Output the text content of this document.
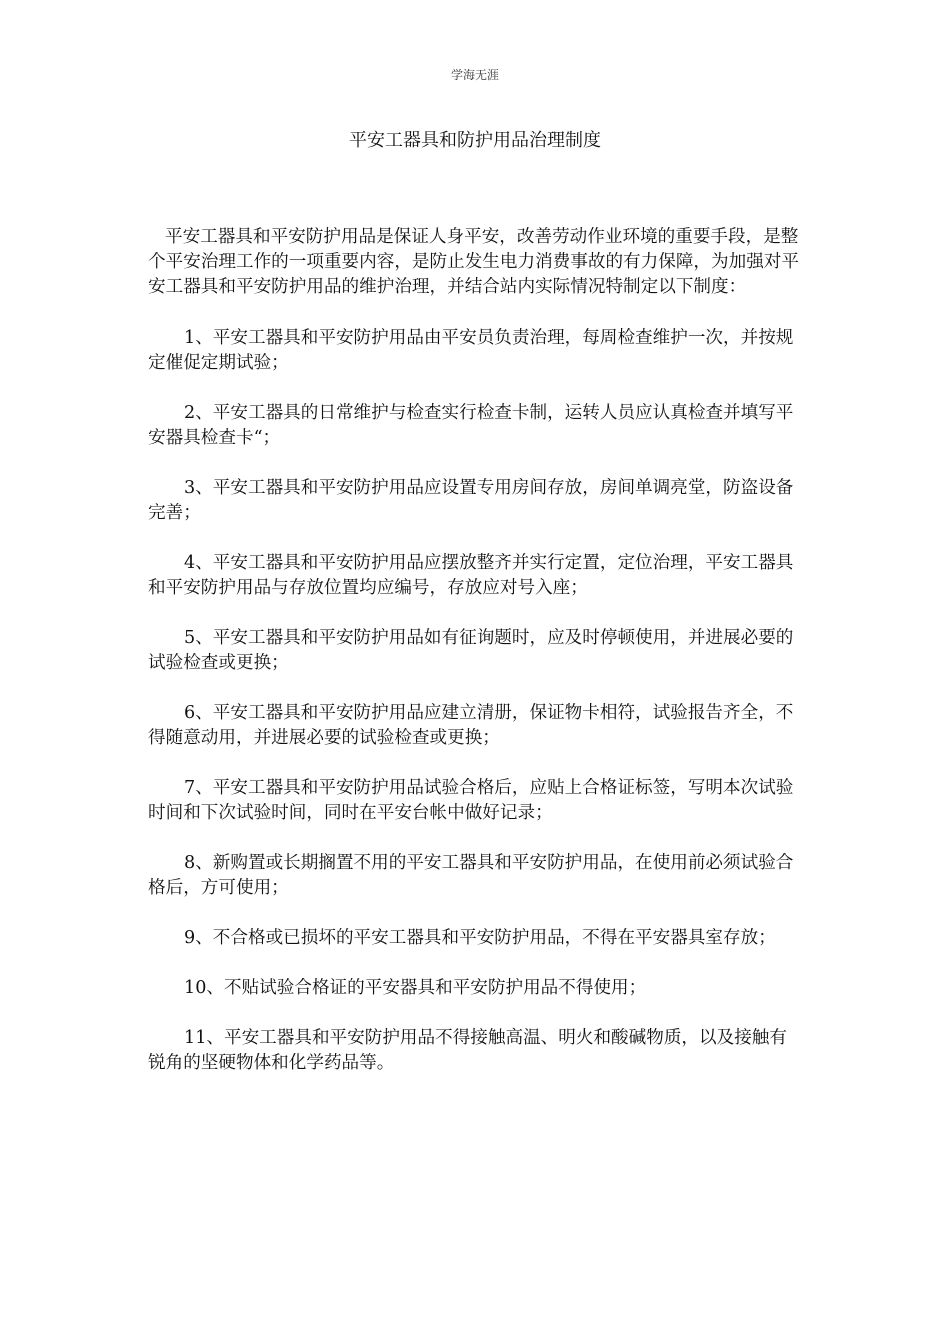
学海无涯
平安工器具和防护用品治理制度

平安工器具和平安防护用品是保证人身平安，改善劳动作业环境的重要手段，是整个平安治理工作的一项重要内容，是防止发生电力消费事故的有力保障，为加强对平安工器具和平安防护用品的维护治理，并结合站内实际情况特制定以下制度：

1、平安工器具和平安防护用品由平安员负责治理，每周检查维护一次，并按规定催促定期试验；

2、平安工器具的日常维护与检查实行检查卡制，运转人员应认真检查并填写平安器具检查卡“；

3、平安工器具和平安防护用品应设置专用房间存放，房间单调亮堂，防盗设备完善；

4、平安工器具和平安防护用品应摆放整齐并实行定置，定位治理，平安工器具和平安防护用品与存放位置均应编号，存放应对号入座；

5、平安工器具和平安防护用品如有征询题时，应及时停顿使用，并进展必要的试验检查或更换；

6、平安工器具和平安防护用品应建立清册，保证物卡相符，试验报告齐全，不得随意动用，并进展必要的试验检查或更换；

7、平安工器具和平安防护用品试验合格后，应贴上合格证标签，写明本次试验时间和下次试验时间，同时在平安台帐中做好记录；

8、新购置或长期搁置不用的平安工器具和平安防护用品，在使用前必须试验合格后，方可使用；

9、不合格或已损坏的平安工器具和平安防护用品，不得在平安器具室存放；

10、不贴试验合格证的平安器具和平安防护用品不得使用；

11、平安工器具和平安防护用品不得接触高温、明火和酸碱物质，以及接触有锐角的坚硬物体和化学药品等。
